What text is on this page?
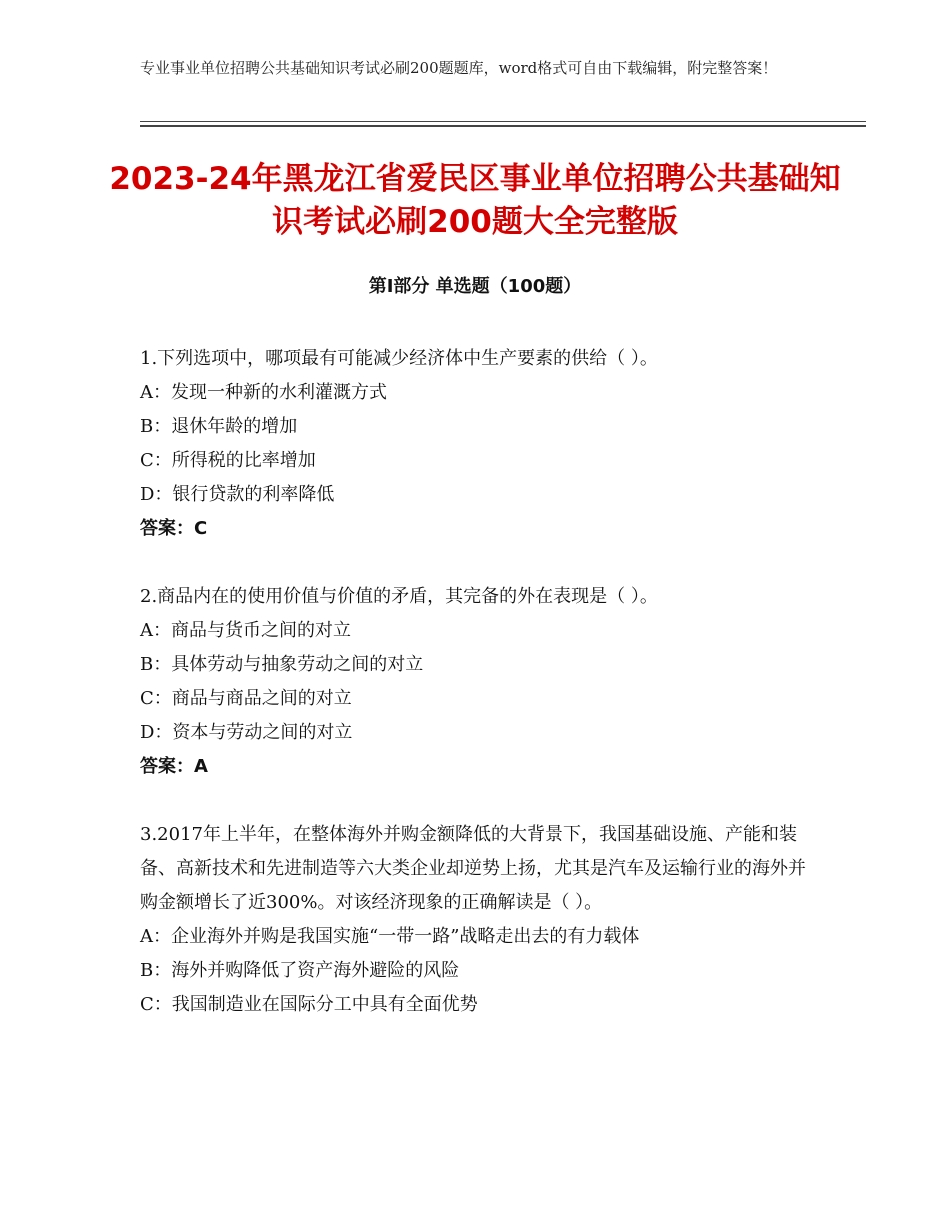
专业事业单位招聘公共基础知识考试必刷200题题库，word格式可自由下载编辑，附完整答案！
2023-24年黑龙江省爱民区事业单位招聘公共基础知识考试必刷200题大全完整版
第I部分 单选题（100题）
1.下列选项中，哪项最有可能减少经济体中生产要素的供给（ ）。
A：发现一种新的水利灌溉方式
B：退休年龄的增加
C：所得税的比率增加
D：银行贷款的利率降低
答案：C
2.商品内在的使用价值与价值的矛盾，其完备的外在表现是（ ）。
A：商品与货币之间的对立
B：具体劳动与抽象劳动之间的对立
C：商品与商品之间的对立
D：资本与劳动之间的对立
答案：A
3.2017年上半年，在整体海外并购金额降低的大背景下，我国基础设施、产能和装备、高新技术和先进制造等六大类企业却逆势上扬，尤其是汽车及运输行业的海外并购金额增长了近300%。对该经济现象的正确解读是（ ）。
A：企业海外并购是我国实施“一带一路”战略走出去的有力载体
B：海外并购降低了资产海外避险的风险
C：我国制造业在国际分工中具有全面优势
